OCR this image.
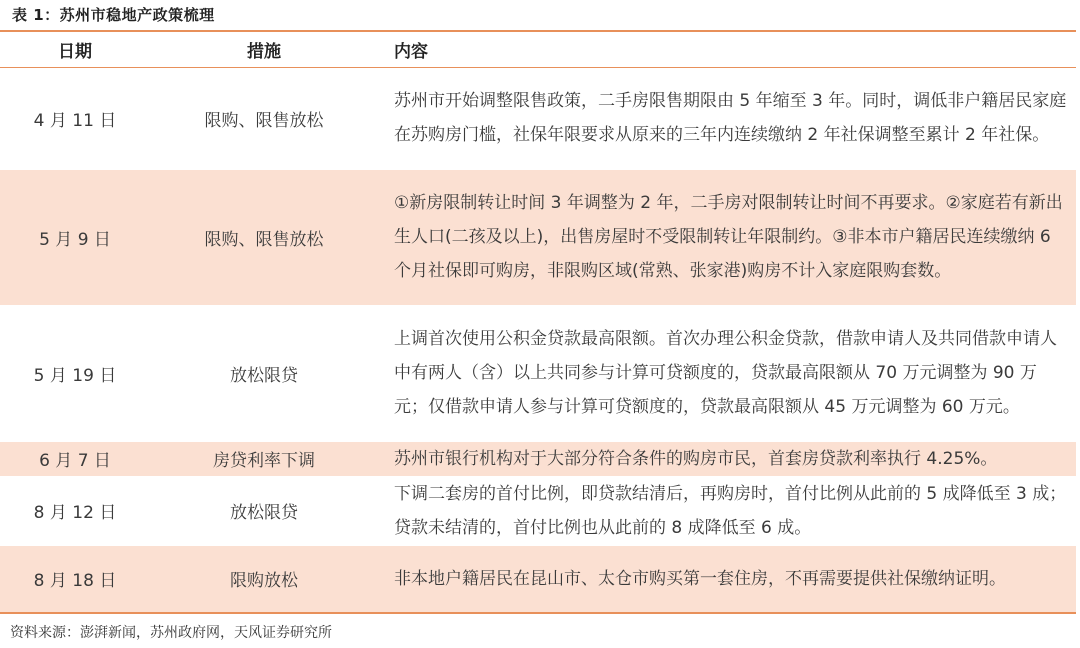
表 1：苏州市稳地产政策梳理
日期	措施	内容
4 月 11 日	限购、限售放松	苏州市开始调整限售政策，二手房限售期限由 5 年缩至 3 年。同时，调低非户籍居民家庭在苏购房门槛，社保年限要求从原来的三年内连续缴纳 2 年社保调整至累计 2 年社保。
5 月 9 日	限购、限售放松	①新房限制转让时间 3 年调整为 2 年，二手房对限制转让时间不再要求。②家庭若有新出生人口(二孩及以上)，出售房屋时不受限制转让年限制约。③非本市户籍居民连续缴纳 6 个月社保即可购房，非限购区域(常熟、张家港)购房不计入家庭限购套数。
5 月 19 日	放松限贷	上调首次使用公积金贷款最高限额。首次办理公积金贷款，借款申请人及共同借款申请人中有两人（含）以上共同参与计算可贷额度的，贷款最高限额从 70 万元调整为 90 万元；仅借款申请人参与计算可贷额度的，贷款最高限额从 45 万元调整为 60 万元。
6 月 7 日	房贷利率下调	苏州市银行机构对于大部分符合条件的购房市民，首套房贷款利率执行 4.25%。
8 月 12 日	放松限贷	下调二套房的首付比例，即贷款结清后，再购房时，首付比例从此前的 5 成降低至 3 成；贷款未结清的，首付比例也从此前的 8 成降低至 6 成。
8 月 18 日	限购放松	非本地户籍居民在昆山市、太仓市购买第一套住房，不再需要提供社保缴纳证明。
资料来源：澎湃新闻，苏州政府网，天风证券研究所
